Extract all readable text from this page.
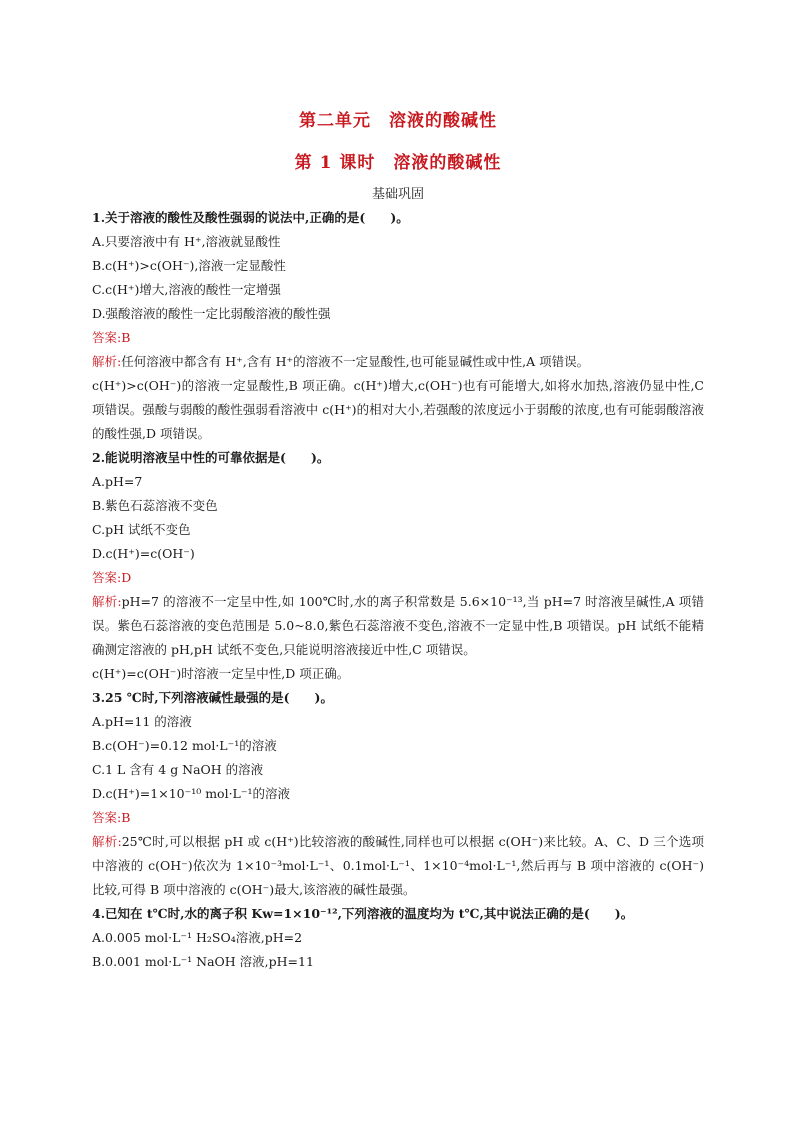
第二单元　溶液的酸碱性
第 1 课时　溶液的酸碱性
基础巩固

1.关于溶液的酸性及酸性强弱的说法中,正确的是(　　)。

A.只要溶液中有 H⁺,溶液就显酸性

B.c(H⁺)>c(OH⁻),溶液一定显酸性

C.c(H⁺)增大,溶液的酸性一定增强

D.强酸溶液的酸性一定比弱酸溶液的酸性强

答案:B

解析:任何溶液中都含有 H⁺,含有 H⁺的溶液不一定显酸性,也可能显碱性或中性,A 项错误。

c(H⁺)>c(OH⁻)的溶液一定显酸性,B 项正确。c(H⁺)增大,c(OH⁻)也有可能增大,如将水加热,溶液仍显中性,C 项错误。强酸与弱酸的酸性强弱看溶液中 c(H⁺)的相对大小,若强酸的浓度远小于弱酸的浓度,也有可能弱酸溶液的酸性强,D 项错误。

2.能说明溶液呈中性的可靠依据是(　　)。

A.pH=7

B.紫色石蕊溶液不变色

C.pH 试纸不变色

D.c(H⁺)=c(OH⁻)

答案:D

解析:pH=7 的溶液不一定呈中性,如 100℃时,水的离子积常数是 5.6×10⁻¹³,当 pH=7 时溶液呈碱性,A 项错误。紫色石蕊溶液的变色范围是 5.0~8.0,紫色石蕊溶液不变色,溶液不一定显中性,B 项错误。pH 试纸不能精确测定溶液的 pH,pH 试纸不变色,只能说明溶液接近中性,C 项错误。

c(H⁺)=c(OH⁻)时溶液一定呈中性,D 项正确。

3.25 ℃时,下列溶液碱性最强的是(　　)。

A.pH=11 的溶液

B.c(OH⁻)=0.12 mol·L⁻¹的溶液

C.1 L 含有 4 g NaOH 的溶液

D.c(H⁺)=1×10⁻¹⁰ mol·L⁻¹的溶液

答案:B

解析:25℃时,可以根据 pH 或 c(H⁺)比较溶液的酸碱性,同样也可以根据 c(OH⁻)来比较。A、C、D 三个选项中溶液的 c(OH⁻)依次为 1×10⁻³mol·L⁻¹、0.1mol·L⁻¹、1×10⁻⁴mol·L⁻¹,然后再与 B 项中溶液的 c(OH⁻)比较,可得 B 项中溶液的 c(OH⁻)最大,该溶液的碱性最强。

4.已知在 t℃时,水的离子积 Kw=1×10⁻¹²,下列溶液的温度均为 t℃,其中说法正确的是(　　)。

A.0.005 mol·L⁻¹ H₂SO₄溶液,pH=2

B.0.001 mol·L⁻¹ NaOH 溶液,pH=11
